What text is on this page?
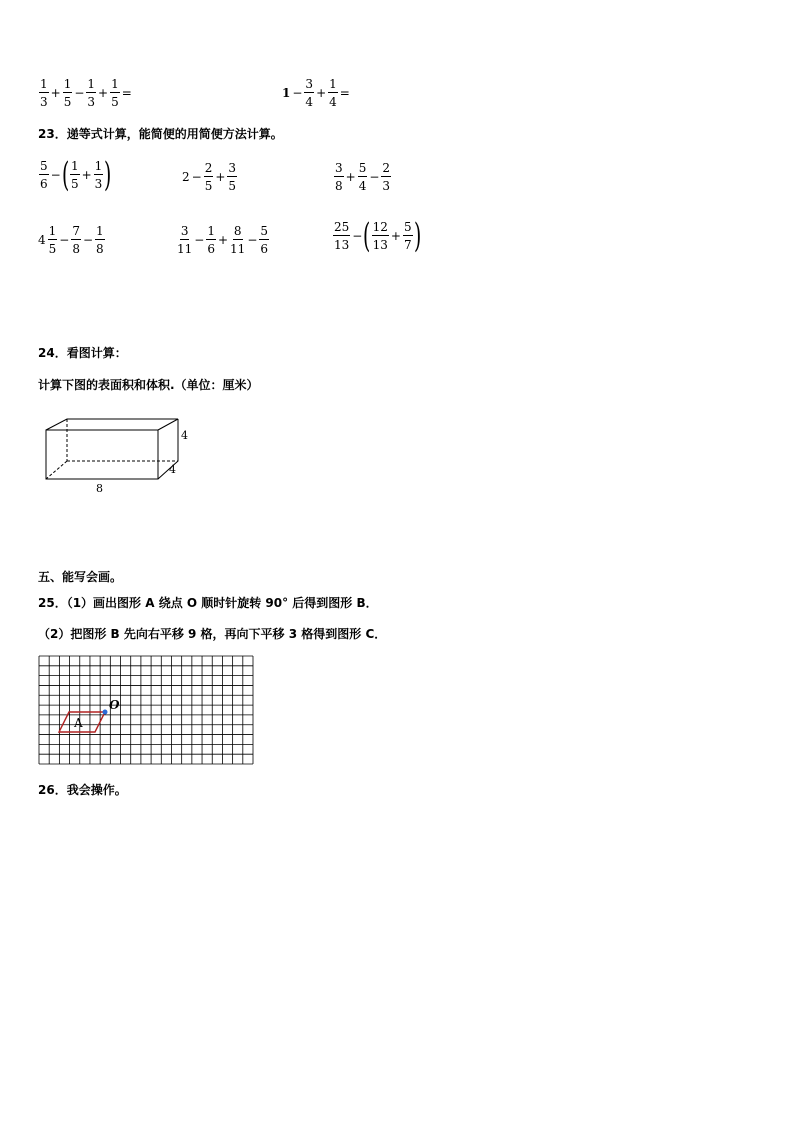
$\frac{1}{3} + \frac{1}{5} - \frac{1}{3} + \frac{1}{5}$ =	$1 - \frac{3}{4} + \frac{1}{4}$ =
23．递等式计算，能简便的用简便方法计算。
$\frac{5}{6}$ − ( $\frac{1}{5} + \frac{1}{3}$ )	$2 - \frac{2}{5} + \frac{3}{5}$	$\frac{3}{8} + \frac{5}{4} - \frac{2}{3}$
$4 \frac{1}{5} - \frac{7}{8} - \frac{1}{8}$	$\frac{3}{11} - \frac{1}{6} + \frac{8}{11} - \frac{5}{6}$	$\frac{25}{13}$ − ( $\frac{12}{13} + \frac{5}{7}$ )
24．看图计算：
计算下图的表面积和体积.（单位：厘米）
4
4
8
五、能写会画。
25．（1）画出图形 A 绕点 O 顺时针旋转 90° 后得到图形 B．
（2）把图形 B 先向右平移 9 格，再向下平移 3 格得到图形 C．
A
O
26．我会操作。
